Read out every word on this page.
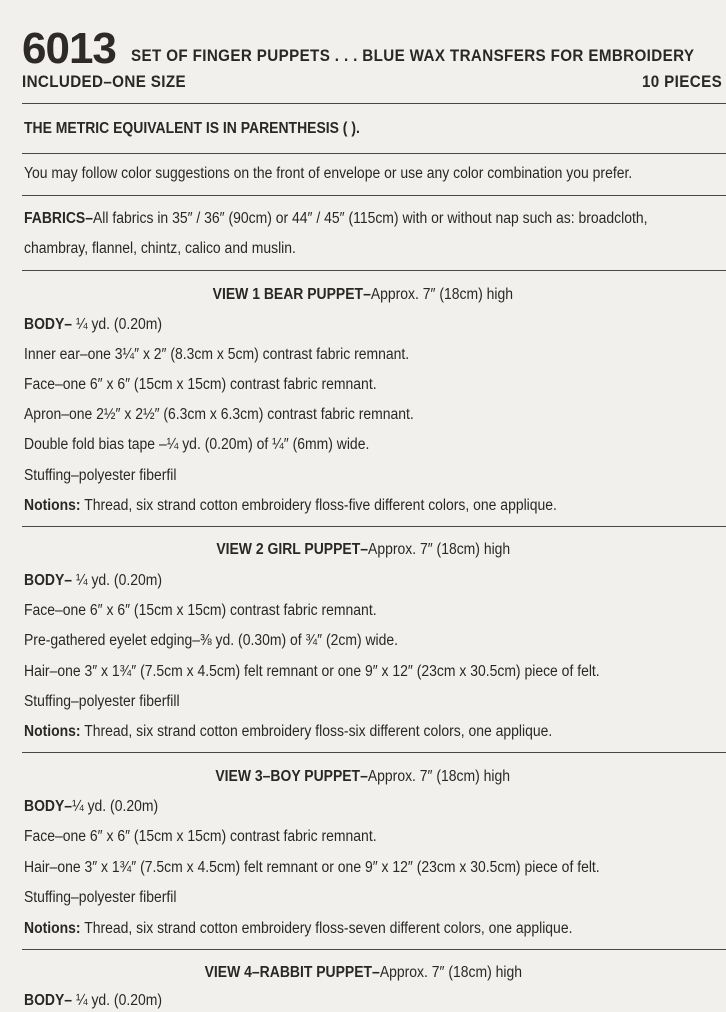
6013 SET OF FINGER PUPPETS . . . BLUE WAX TRANSFERS FOR EMBROIDERY
INCLUDED–ONE SIZE	10 PIECES
THE METRIC EQUIVALENT IS IN PARENTHESIS ( ).
You may follow color suggestions on the front of envelope or use any color combination you prefer.
FABRICS–All fabrics in 35″ / 36″ (90cm) or 44″ / 45″ (115cm) with or without nap such as: broadcloth,
chambray, flannel, chintz, calico and muslin.
VIEW 1 BEAR PUPPET–Approx. 7″ (18cm) high
BODY– ¼ yd. (0.20m)
Inner ear–one 3¼″ x 2″ (8.3cm x 5cm) contrast fabric remnant.
Face–one 6″ x 6″ (15cm x 15cm) contrast fabric remnant.
Apron–one 2½″ x 2½″ (6.3cm x 6.3cm) contrast fabric remnant.
Double fold bias tape –¼ yd. (0.20m) of ¼″ (6mm) wide.
Stuffing–polyester fiberfil
Notions: Thread, six strand cotton embroidery floss-five different colors, one applique.
VIEW 2 GIRL PUPPET–Approx. 7″ (18cm) high
BODY– ¼ yd. (0.20m)
Face–one 6″ x 6″ (15cm x 15cm) contrast fabric remnant.
Pre-gathered eyelet edging–⅜ yd. (0.30m) of ¾″ (2cm) wide.
Hair–one 3″ x 1¾″ (7.5cm x 4.5cm) felt remnant or one 9″ x 12″ (23cm x 30.5cm) piece of felt.
Stuffing–polyester fiberfill
Notions: Thread, six strand cotton embroidery floss-six different colors, one applique.
VIEW 3–BOY PUPPET–Approx. 7″ (18cm) high
BODY–¼ yd. (0.20m)
Face–one 6″ x 6″ (15cm x 15cm) contrast fabric remnant.
Hair–one 3″ x 1¾″ (7.5cm x 4.5cm) felt remnant or one 9″ x 12″ (23cm x 30.5cm) piece of felt.
Stuffing–polyester fiberfil
Notions: Thread, six strand cotton embroidery floss-seven different colors, one applique.
VIEW 4–RABBIT PUPPET–Approx. 7″ (18cm) high
BODY– ¼ yd. (0.20m)
